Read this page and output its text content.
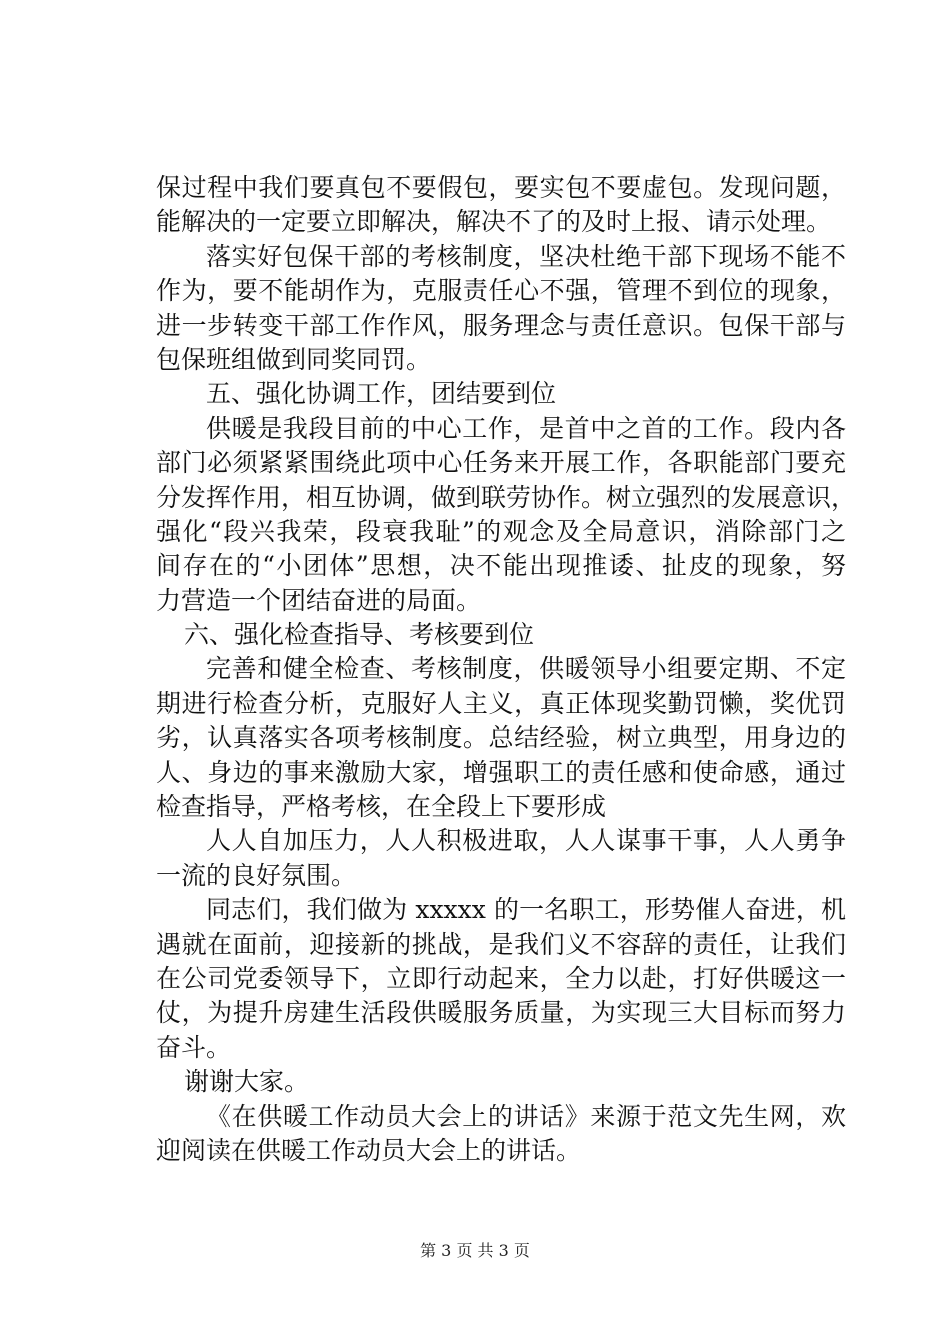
保过程中我们要真包不要假包，要实包不要虚包。发现问题，
能解决的一定要立即解决，解决不了的及时上报、请示处理。
落实好包保干部的考核制度，坚决杜绝干部下现场不能不
作为，要不能胡作为，克服责任心不强，管理不到位的现象，
进一步转变干部工作作风，服务理念与责任意识。包保干部与
包保班组做到同奖同罚。
五、强化协调工作，团结要到位
供暖是我段目前的中心工作，是首中之首的工作。段内各
部门必须紧紧围绕此项中心任务来开展工作，各职能部门要充
分发挥作用，相互协调，做到联劳协作。树立强烈的发展意识，
强化“段兴我荣，段衰我耻”的观念及全局意识，消除部门之
间存在的“小团体”思想，决不能出现推诿、扯皮的现象，努
力营造一个团结奋进的局面。
六、强化检查指导、考核要到位
完善和健全检查、考核制度，供暖领导小组要定期、不定
期进行检查分析，克服好人主义，真正体现奖勤罚懒，奖优罚
劣，认真落实各项考核制度。总结经验，树立典型，用身边的
人、身边的事来激励大家，增强职工的责任感和使命感，通过
检查指导，严格考核，在全段上下要形成
人人自加压力，人人积极进取，人人谋事干事，人人勇争
一流的良好氛围。
同志们，我们做为 xxxxx 的一名职工，形势催人奋进，机
遇就在面前，迎接新的挑战，是我们义不容辞的责任，让我们
在公司党委领导下，立即行动起来，全力以赴，打好供暖这一
仗，为提升房建生活段供暖服务质量，为实现三大目标而努力
奋斗。
谢谢大家。
《在供暖工作动员大会上的讲话》来源于范文先生网，欢
迎阅读在供暖工作动员大会上的讲话。
第 3 页 共 3 页
